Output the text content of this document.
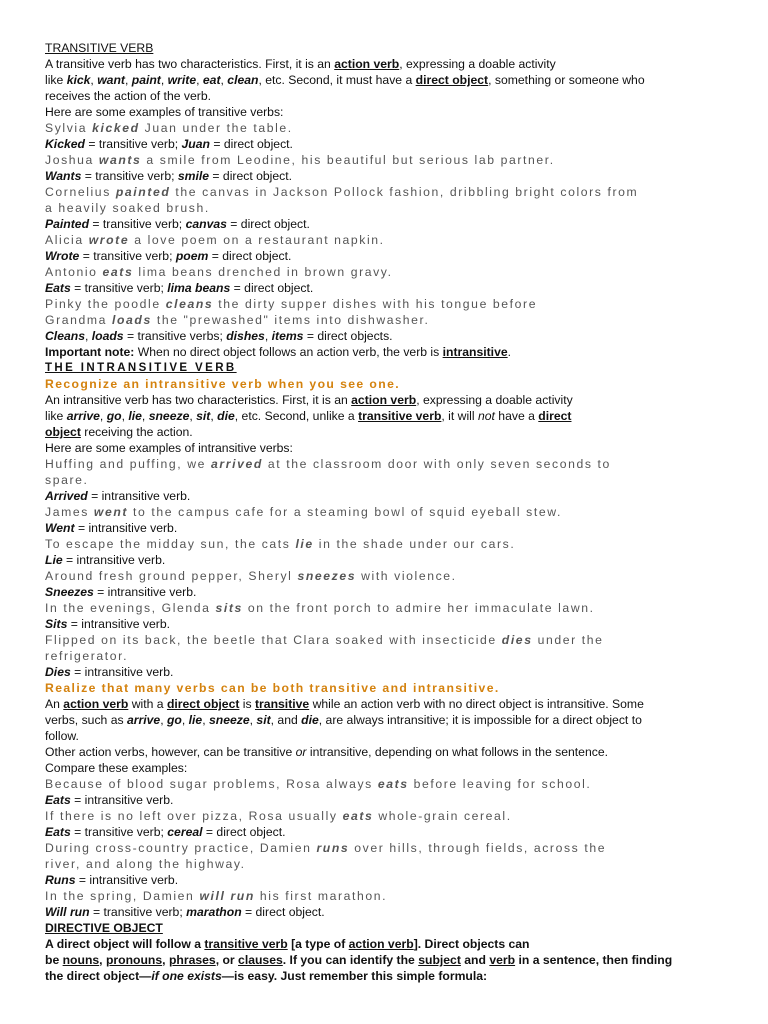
TRANSITIVE VERB

A transitive verb has two characteristics. First, it is an action verb, expressing a doable activity

like kick, want, paint, write, eat, clean, etc. Second, it must have a direct object, something or someone who

receives the action of the verb.

Here are some examples of transitive verbs:

Sylvia kicked Juan under the table.

Kicked = transitive verb; Juan = direct object.

Joshua wants a smile from Leodine, his beautiful but serious lab partner.

Wants = transitive verb; smile = direct object.

Cornelius painted the canvas in Jackson Pollock fashion, dribbling bright colors from

a heavily soaked brush.

Painted = transitive verb; canvas = direct object.

Alicia wrote a love poem on a restaurant napkin.

Wrote = transitive verb; poem = direct object.

Antonio eats lima beans drenched in brown gravy.

Eats = transitive verb; lima beans = direct object.

Pinky the poodle cleans the dirty supper dishes with his tongue before

Grandma loads the "prewashed" items into dishwasher.

Cleans, loads = transitive verbs; dishes, items = direct objects.

Important note: When no direct object follows an action verb, the verb is intransitive.

THE INTRANSITIVE VERB

Recognize an intransitive verb when you see one.

An intransitive verb has two characteristics. First, it is an action verb, expressing a doable activity

like arrive, go, lie, sneeze, sit, die, etc. Second, unlike a transitive verb, it will not have a direct

object receiving the action.

Here are some examples of intransitive verbs:

Huffing and puffing, we arrived at the classroom door with only seven seconds to

spare.

Arrived = intransitive verb.

James went to the campus cafe for a steaming bowl of squid eyeball stew.

Went = intransitive verb.

To escape the midday sun, the cats lie in the shade under our cars.

Lie = intransitive verb.

Around fresh ground pepper, Sheryl sneezes with violence.

Sneezes = intransitive verb.

In the evenings, Glenda sits on the front porch to admire her immaculate lawn.

Sits = intransitive verb.

Flipped on its back, the beetle that Clara soaked with insecticide dies under the

refrigerator.

Dies = intransitive verb.

Realize that many verbs can be both transitive and intransitive.

An action verb with a direct object is transitive while an action verb with no direct object is intransitive. Some

verbs, such as arrive, go, lie, sneeze, sit, and die, are always intransitive; it is impossible for a direct object to

follow.

Other action verbs, however, can be transitive or intransitive, depending on what follows in the sentence.

Compare these examples:

Because of blood sugar problems, Rosa always eats before leaving for school.

Eats = intransitive verb.

If there is no left over pizza, Rosa usually eats whole-grain cereal.

Eats = transitive verb; cereal = direct object.

During cross-country practice, Damien runs over hills, through fields, across the

river, and along the highway.

Runs = intransitive verb.

In the spring, Damien will run his first marathon.

Will run = transitive verb; marathon = direct object.

DIRECTIVE OBJECT

A direct object will follow a transitive verb [a type of action verb]. Direct objects can

be nouns, pronouns, phrases, or clauses. If you can identify the subject and verb in a sentence, then finding

the direct object—if one exists—is easy. Just remember this simple formula:
